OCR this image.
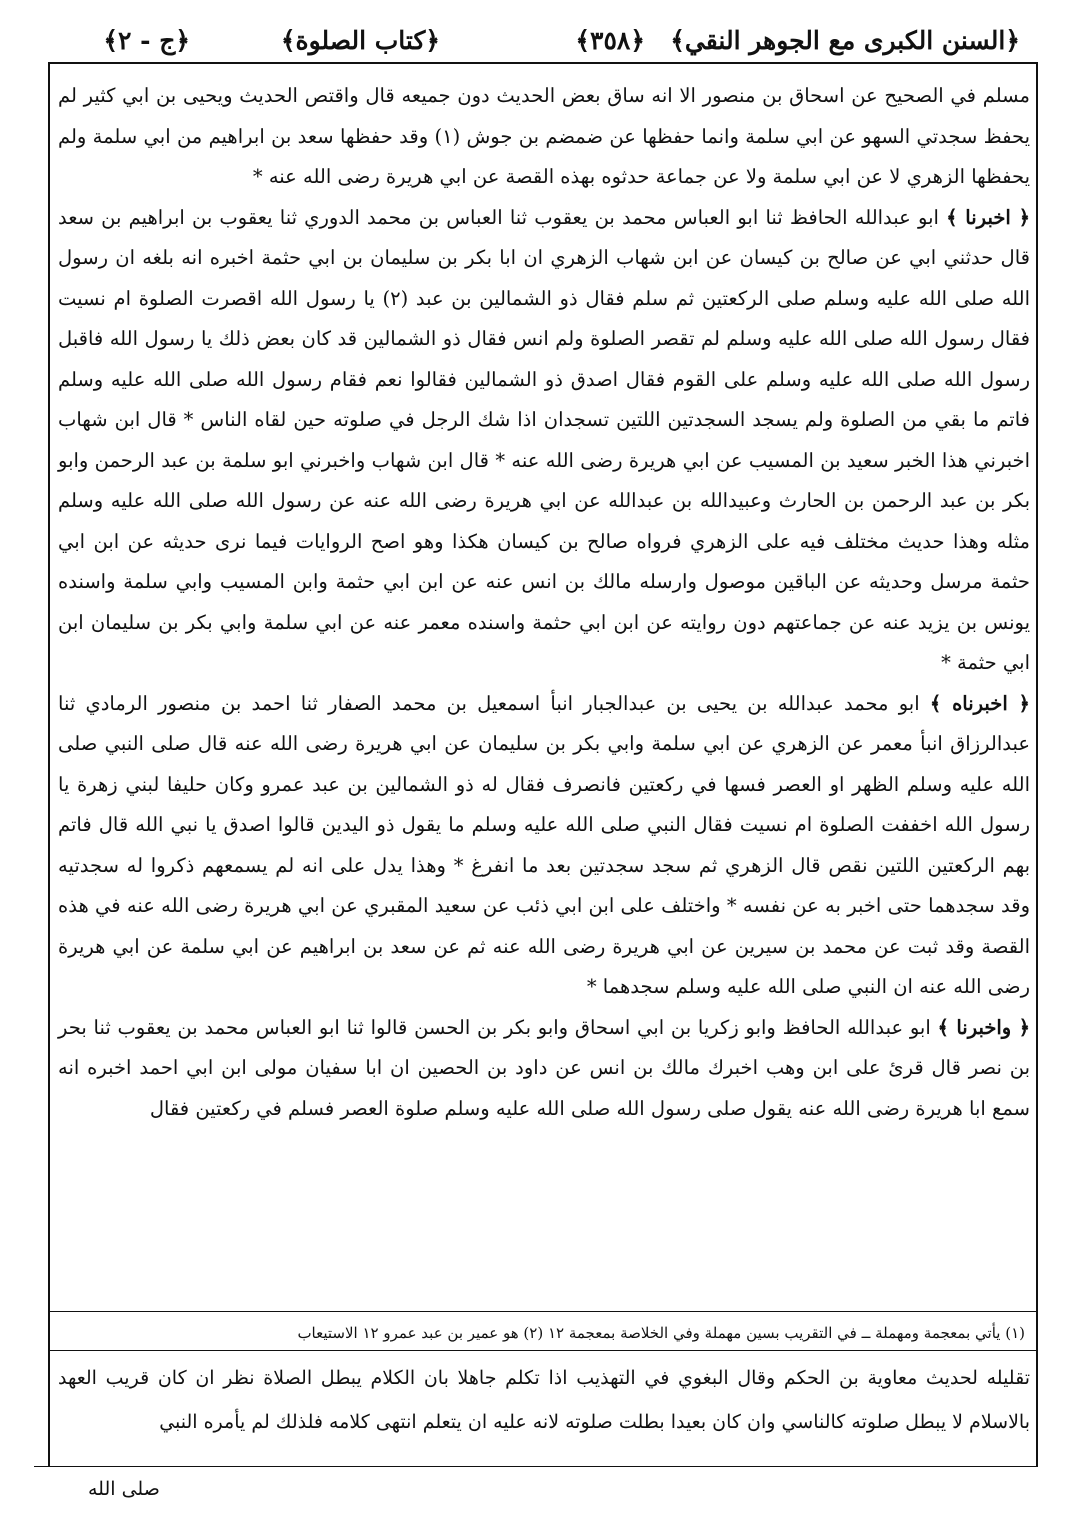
﴿السنن الكبرى مع الجوهر النقي﴾
﴿٣٥٨﴾
﴿كتاب الصلوة﴾
﴿ج - ٢﴾

مسلم في الصحيح عن اسحاق بن منصور الا انه ساق بعض الحديث دون جميعه قال واقتص الحديث ويحيى بن ابي كثير لم يحفظ سجدتي السهو عن ابي سلمة وانما حفظها عن ضمضم بن جوش (١) وقد حفظها سعد بن ابراهيم من ابي سلمة ولم يحفظها الزهري لا عن ابي سلمة ولا عن جماعة حدثوه بهذه القصة عن ابي هريرة رضى الله عنه *

﴿ اخبرنا ﴾ ابو عبدالله الحافظ ثنا ابو العباس محمد بن يعقوب ثنا العباس بن محمد الدوري ثنا يعقوب بن ابراهيم بن سعد قال حدثني ابي عن صالح بن كيسان عن ابن شهاب الزهري ان ابا بكر بن سليمان بن ابي حثمة اخبره انه بلغه ان رسول الله صلى الله عليه وسلم صلى الركعتين ثم سلم فقال ذو الشمالين بن عبد (٢) يا رسول الله اقصرت الصلوة ام نسيت فقال رسول الله صلى الله عليه وسلم لم تقصر الصلوة ولم انس فقال ذو الشمالين قد كان بعض ذلك يا رسول الله فاقبل رسول الله صلى الله عليه وسلم على القوم فقال اصدق ذو الشمالين فقالوا نعم فقام رسول الله صلى الله عليه وسلم فاتم ما بقي من الصلوة ولم يسجد السجدتين اللتين تسجدان اذا شك الرجل في صلوته حين لقاه الناس * قال ابن شهاب اخبرني هذا الخبر سعيد بن المسيب عن ابي هريرة رضى الله عنه * قال ابن شهاب واخبرني ابو سلمة بن عبد الرحمن وابو بكر بن عبد الرحمن بن الحارث وعبيدالله بن عبدالله عن ابي هريرة رضى الله عنه عن رسول الله صلى الله عليه وسلم مثله وهذا حديث مختلف فيه على الزهري فرواه صالح بن كيسان هكذا وهو اصح الروايات فيما نرى حديثه عن ابن ابي حثمة مرسل وحديثه عن الباقين موصول وارسله مالك بن انس عنه عن ابن ابي حثمة وابن المسيب وابي سلمة واسنده يونس بن يزيد عنه عن جماعتهم دون روايته عن ابن ابي حثمة واسنده معمر عنه عن ابي سلمة وابي بكر بن سليمان ابن ابي حثمة *

﴿ اخبرناه ﴾ ابو محمد عبدالله بن يحيى بن عبدالجبار انبأ اسمعيل بن محمد الصفار ثنا احمد بن منصور الرمادي ثنا عبدالرزاق انبأ معمر عن الزهري عن ابي سلمة وابي بكر بن سليمان عن ابي هريرة رضى الله عنه قال صلى النبي صلى الله عليه وسلم الظهر او العصر فسها في ركعتين فانصرف فقال له ذو الشمالين بن عبد عمرو وكان حليفا لبني زهرة يا رسول الله اخففت الصلوة ام نسيت فقال النبي صلى الله عليه وسلم ما يقول ذو اليدين قالوا اصدق يا نبي الله قال فاتم بهم الركعتين اللتين نقص قال الزهري ثم سجد سجدتين بعد ما انفرغ * وهذا يدل على انه لم يسمعهم ذكروا له سجدتيه وقد سجدهما حتى اخبر به عن نفسه * واختلف على ابن ابي ذئب عن سعيد المقبري عن ابي هريرة رضى الله عنه في هذه القصة وقد ثبت عن محمد بن سيرين عن ابي هريرة رضى الله عنه ثم عن سعد بن ابراهيم عن ابي سلمة عن ابي هريرة رضى الله عنه ان النبي صلى الله عليه وسلم سجدهما *

﴿ واخبرنا ﴾ ابو عبدالله الحافظ وابو زكريا بن ابي اسحاق وابو بكر بن الحسن قالوا ثنا ابو العباس محمد بن يعقوب ثنا بحر بن نصر قال قرئ على ابن وهب اخبرك مالك بن انس عن داود بن الحصين ان ابا سفيان مولى ابن ابي احمد اخبره انه سمع ابا هريرة رضى الله عنه يقول صلى رسول الله صلى الله عليه وسلم صلوة العصر فسلم في ركعتين فقال

(١) يأتي بمعجمة ومهملة ــ في التقريب بسين مهملة وفي الخلاصة بمعجمة ١٢ (٢) هو عمير بن عبد عمرو ١٢ الاستيعاب
تقليله لحديث معاوية بن الحكم وقال البغوي في التهذيب اذا تكلم جاهلا بان الكلام يبطل الصلاة نظر ان كان قريب العهد بالاسلام لا يبطل صلوته كالناسي وان كان بعيدا بطلت صلوته لانه عليه ان يتعلم انتهى كلامه فلذلك لم يأمره النبي
صلى الله
